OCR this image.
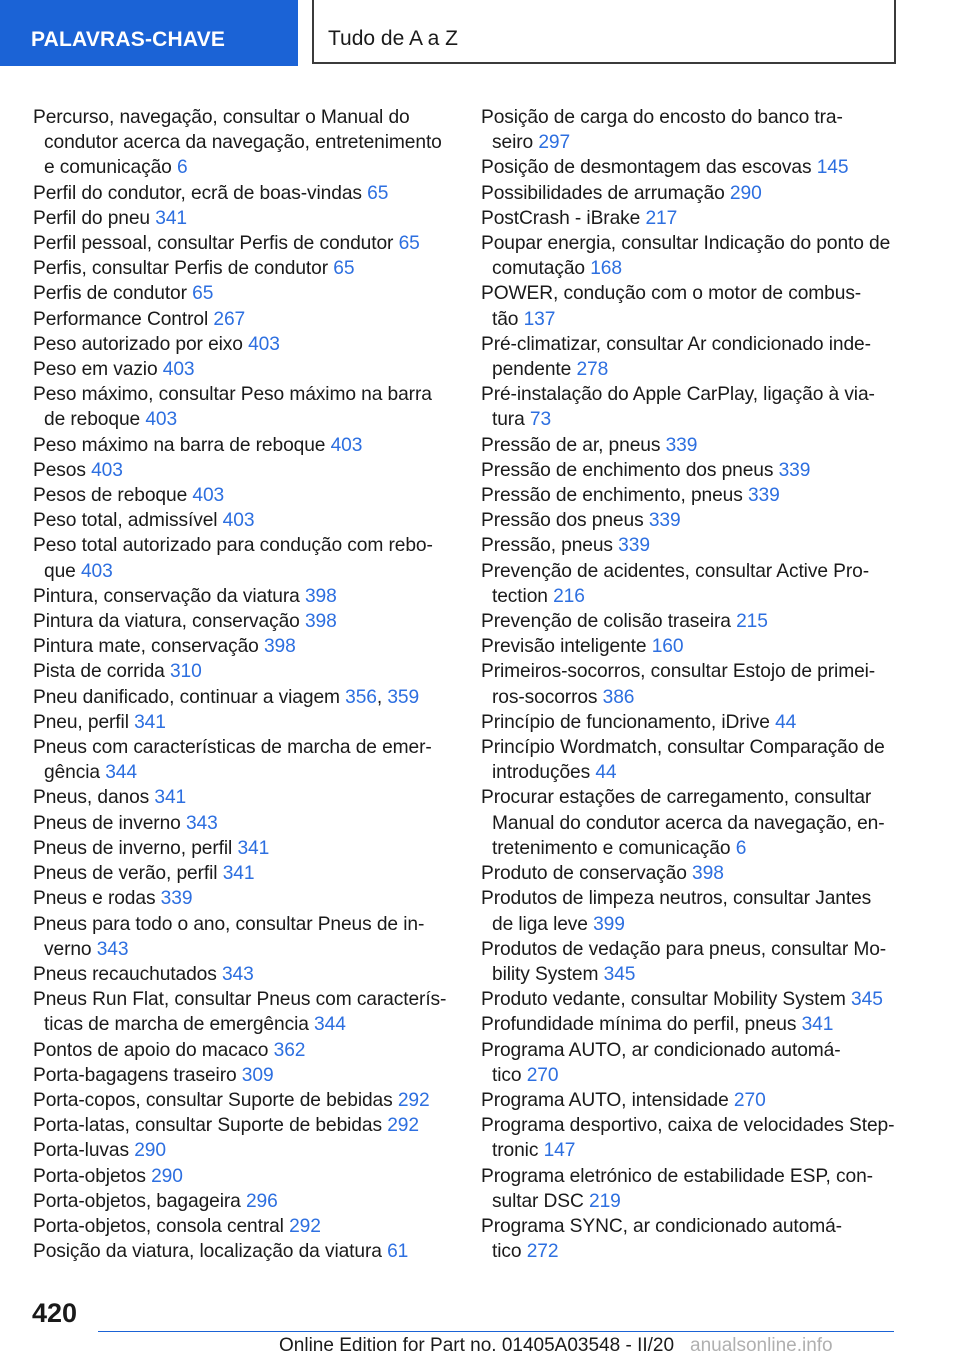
PALAVRAS-CHAVE	Tudo de A a Z
Percurso, navegação, consultar o Manual do
condutor acerca da navegação, entretenimento
e comunicação 6
Perfil do condutor, ecrã de boas-vindas 65
Perfil do pneu 341
Perfil pessoal, consultar Perfis de condutor 65
Perfis, consultar Perfis de condutor 65
Perfis de condutor 65
Performance Control 267
Peso autorizado por eixo 403
Peso em vazio 403
Peso máximo, consultar Peso máximo na barra
de reboque 403
Peso máximo na barra de reboque 403
Pesos 403
Pesos de reboque 403
Peso total, admissível 403
Peso total autorizado para condução com rebo-
que 403
Pintura, conservação da viatura 398
Pintura da viatura, conservação 398
Pintura mate, conservação 398
Pista de corrida 310
Pneu danificado, continuar a viagem 356, 359
Pneu, perfil 341
Pneus com características de marcha de emer-
gência 344
Pneus, danos 341
Pneus de inverno 343
Pneus de inverno, perfil 341
Pneus de verão, perfil 341
Pneus e rodas 339
Pneus para todo o ano, consultar Pneus de in-
verno 343
Pneus recauchutados 343
Pneus Run Flat, consultar Pneus com caracterís-
ticas de marcha de emergência 344
Pontos de apoio do macaco 362
Porta-bagagens traseiro 309
Porta-copos, consultar Suporte de bebidas 292
Porta-latas, consultar Suporte de bebidas 292
Porta-luvas 290
Porta-objetos 290
Porta-objetos, bagageira 296
Porta-objetos, consola central 292
Posição da viatura, localização da viatura 61
Posição de carga do encosto do banco tra-
seiro 297
Posição de desmontagem das escovas 145
Possibilidades de arrumação 290
PostCrash - iBrake 217
Poupar energia, consultar Indicação do ponto de
comutação 168
POWER, condução com o motor de combus-
tão 137
Pré-climatizar, consultar Ar condicionado inde-
pendente 278
Pré-instalação do Apple CarPlay, ligação à via-
tura 73
Pressão de ar, pneus 339
Pressão de enchimento dos pneus 339
Pressão de enchimento, pneus 339
Pressão dos pneus 339
Pressão, pneus 339
Prevenção de acidentes, consultar Active Pro-
tection 216
Prevenção de colisão traseira 215
Previsão inteligente 160
Primeiros-socorros, consultar Estojo de primei-
ros-socorros 386
Princípio de funcionamento, iDrive 44
Princípio Wordmatch, consultar Comparação de
introduções 44
Procurar estações de carregamento, consultar
Manual do condutor acerca da navegação, en-
tretenimento e comunicação 6
Produto de conservação 398
Produtos de limpeza neutros, consultar Jantes
de liga leve 399
Produtos de vedação para pneus, consultar Mo-
bility System 345
Produto vedante, consultar Mobility System 345
Profundidade mínima do perfil, pneus 341
Programa AUTO, ar condicionado automá-
tico 270
Programa AUTO, intensidade 270
Programa desportivo, caixa de velocidades Step-
tronic 147
Programa eletrónico de estabilidade ESP, con-
sultar DSC 219
Programa SYNC, ar condicionado automá-
tico 272
420
Online Edition for Part no. 01405A03548 - II/20 anualsonline.info
